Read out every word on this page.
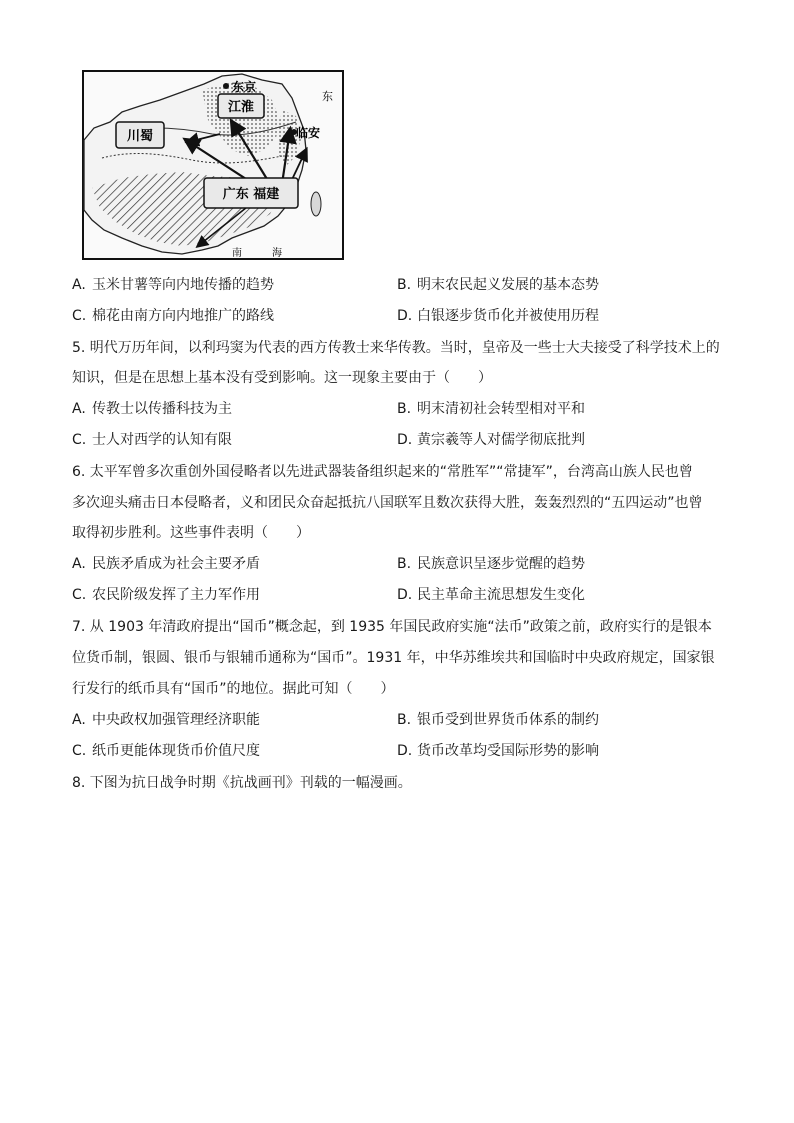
川蜀
江淮
广东 福建
东京
临安
东
南	海
A. 玉米甘薯等向内地传播的趋势	B. 明末农民起义发展的基本态势
C. 棉花由南方向内地推广的路线	D. 白银逐步货币化并被使用历程
5. 明代万历年间，以利玛窦为代表的西方传教士来华传教。当时，皇帝及一些士大夫接受了科学技术上的
知识，但是在思想上基本没有受到影响。这一现象主要由于（　　）
A. 传教士以传播科技为主	B. 明末清初社会转型相对平和
C. 士人对西学的认知有限	D. 黄宗羲等人对儒学彻底批判
6. 太平军曾多次重创外国侵略者以先进武器装备组织起来的“常胜军”“常捷军”，台湾高山族人民也曾
多次迎头痛击日本侵略者，义和团民众奋起抵抗八国联军且数次获得大胜，轰轰烈烈的“五四运动”也曾
取得初步胜利。这些事件表明（　　）
A. 民族矛盾成为社会主要矛盾	B. 民族意识呈逐步觉醒的趋势
C. 农民阶级发挥了主力军作用	D. 民主革命主流思想发生变化
7. 从 1903 年清政府提出“国币”概念起，到 1935 年国民政府实施“法币”政策之前，政府实行的是银本
位货币制，银圆、银币与银辅币通称为“国币”。1931 年，中华苏维埃共和国临时中央政府规定，国家银
行发行的纸币具有“国币”的地位。据此可知（　　）
A. 中央政权加强管理经济职能	B. 银币受到世界货币体系的制约
C. 纸币更能体现货币价值尺度	D. 货币改革均受国际形势的影响
8. 下图为抗日战争时期《抗战画刊》刊载的一幅漫画。
